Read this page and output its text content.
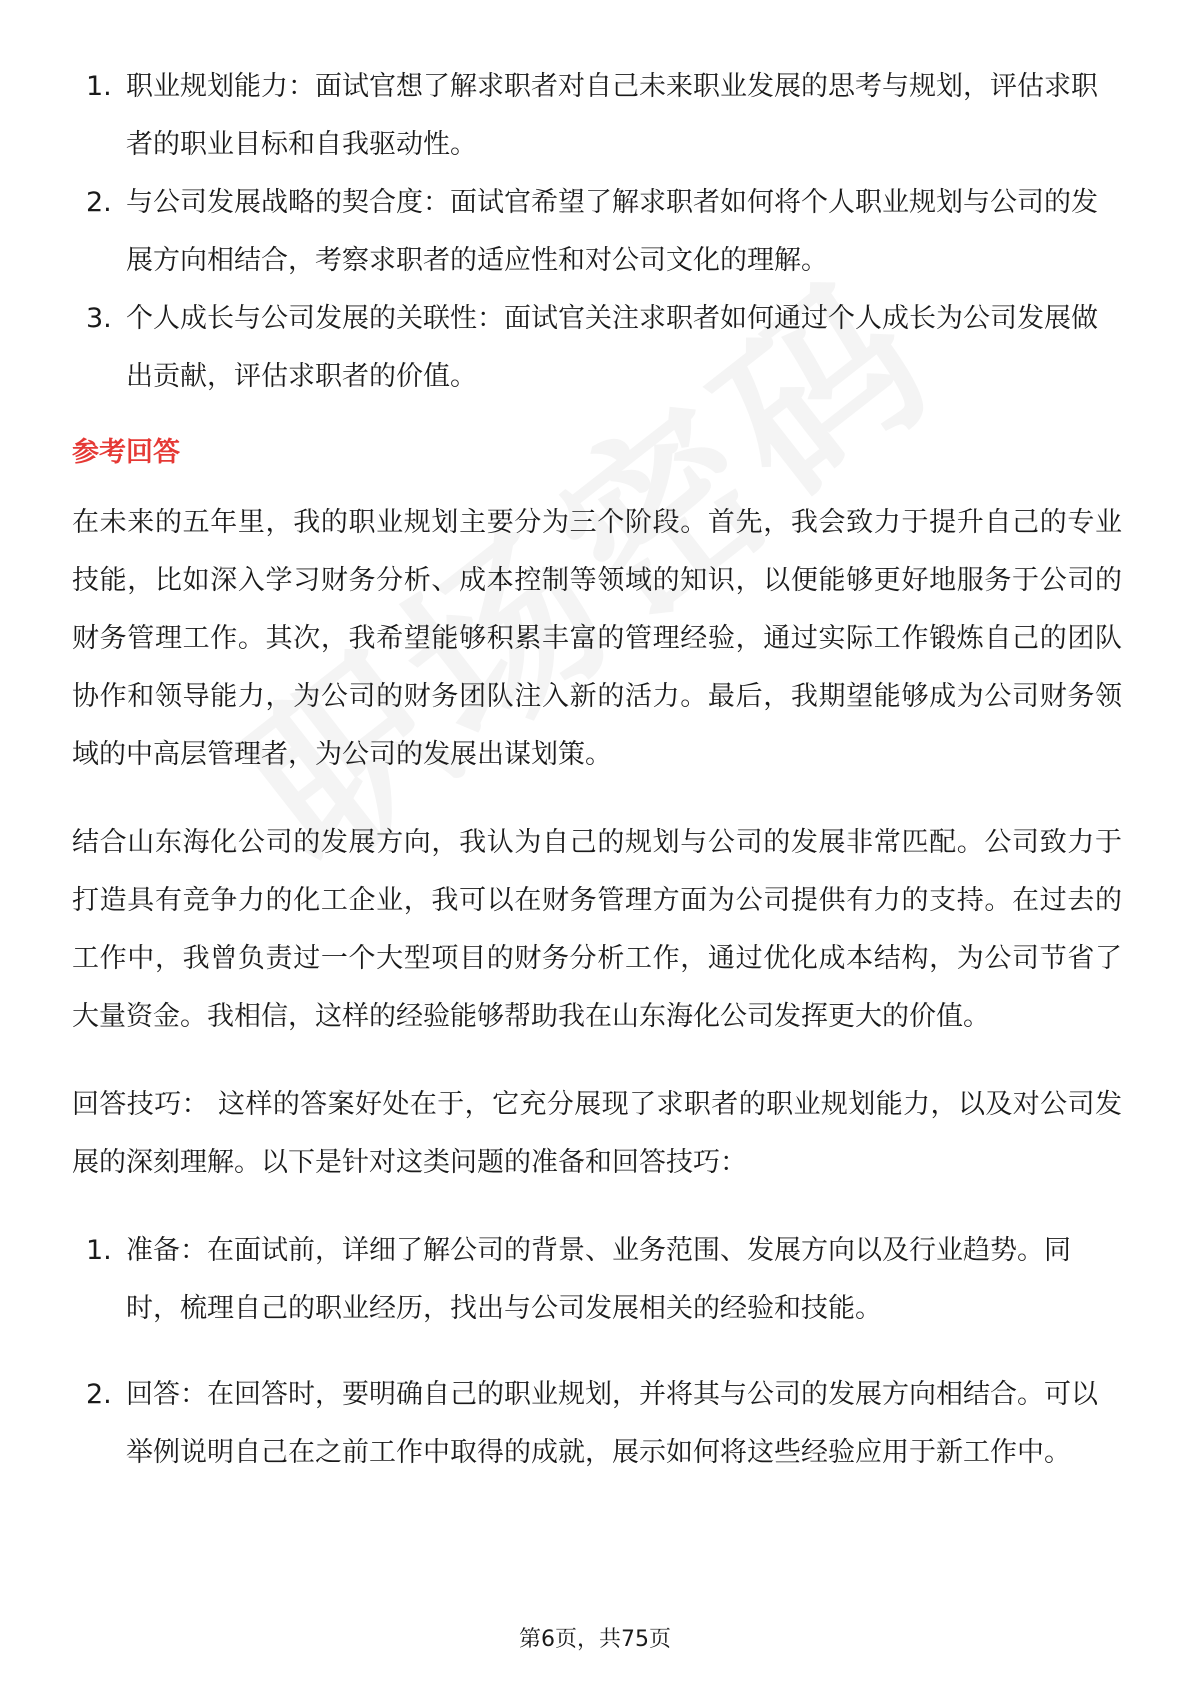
1. 职业规划能力：面试官想了解求职者对自己未来职业发展的思考与规划，评估求职者的职业目标和自我驱动性。
2. 与公司发展战略的契合度：面试官希望了解求职者如何将个人职业规划与公司的发展方向相结合，考察求职者的适应性和对公司文化的理解。
3. 个人成长与公司发展的关联性：面试官关注求职者如何通过个人成长为公司发展做出贡献，评估求职者的价值。
参考回答

在未来的五年里，我的职业规划主要分为三个阶段。首先，我会致力于提升自己的专业技能，比如深入学习财务分析、成本控制等领域的知识，以便能够更好地服务于公司的财务管理工作。其次，我希望能够积累丰富的管理经验，通过实际工作锻炼自己的团队协作和领导能力，为公司的财务团队注入新的活力。最后，我期望能够成为公司财务领域的中高层管理者，为公司的发展出谋划策。

结合山东海化公司的发展方向，我认为自己的规划与公司的发展非常匹配。公司致力于打造具有竞争力的化工企业，我可以在财务管理方面为公司提供有力的支持。在过去的工作中，我曾负责过一个大型项目的财务分析工作，通过优化成本结构，为公司节省了大量资金。我相信，这样的经验能够帮助我在山东海化公司发挥更大的价值。

回答技巧： 这样的答案好处在于，它充分展现了求职者的职业规划能力，以及对公司发展的深刻理解。以下是针对这类问题的准备和回答技巧：

1. 准备：在面试前，详细了解公司的背景、业务范围、发展方向以及行业趋势。同时，梳理自己的职业经历，找出与公司发展相关的经验和技能。
2. 回答：在回答时，要明确自己的职业规划，并将其与公司的发展方向相结合。可以举例说明自己在之前工作中取得的成就，展示如何将这些经验应用于新工作中。
第6页，共75页
